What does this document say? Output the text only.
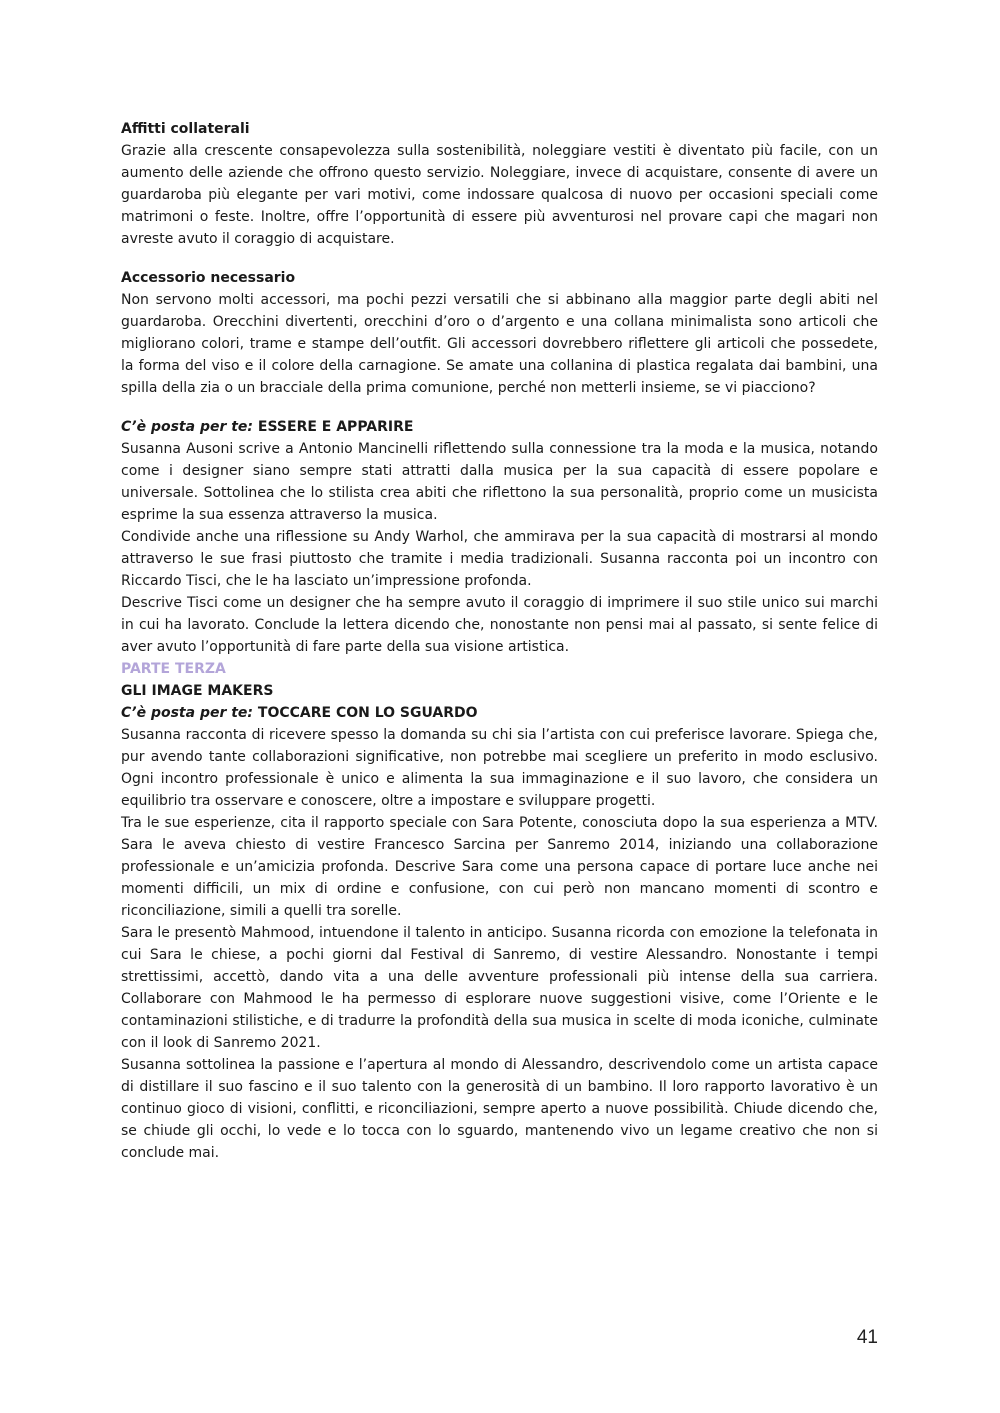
Affitti collaterali

Grazie alla crescente consapevolezza sulla sostenibilità, noleggiare vestiti è diventato più facile, con un aumento delle aziende che offrono questo servizio. Noleggiare, invece di acquistare, consente di avere un guardaroba più elegante per vari motivi, come indossare qualcosa di nuovo per occasioni speciali come matrimoni o feste. Inoltre, offre l’opportunità di essere più avventurosi nel provare capi che magari non avreste avuto il coraggio di acquistare.

Accessorio necessario

Non servono molti accessori, ma pochi pezzi versatili che si abbinano alla maggior parte degli abiti nel guardaroba. Orecchini divertenti, orecchini d’oro o d’argento e una collana minimalista sono articoli che migliorano colori, trame e stampe dell’outfit. Gli accessori dovrebbero riflettere gli articoli che possedete, la forma del viso e il colore della carnagione. Se amate una collanina di plastica regalata dai bambini, una spilla della zia o un bracciale della prima comunione, perché non metterli insieme, se vi piacciono?

C’è posta per te: ESSERE E APPARIRE

Susanna Ausoni scrive a Antonio Mancinelli riflettendo sulla connessione tra la moda e la musica, notando come i designer siano sempre stati attratti dalla musica per la sua capacità di essere popolare e universale. Sottolinea che lo stilista crea abiti che riflettono la sua personalità, proprio come un musicista esprime la sua essenza attraverso la musica.

Condivide anche una riflessione su Andy Warhol, che ammirava per la sua capacità di mostrarsi al mondo attraverso le sue frasi piuttosto che tramite i media tradizionali. Susanna racconta poi un incontro con Riccardo Tisci, che le ha lasciato un’impressione profonda.

Descrive Tisci come un designer che ha sempre avuto il coraggio di imprimere il suo stile unico sui marchi in cui ha lavorato. Conclude la lettera dicendo che, nonostante non pensi mai al passato, si sente felice di aver avuto l’opportunità di fare parte della sua visione artistica.

PARTE TERZA

GLI IMAGE MAKERS
C’è posta per te: TOCCARE CON LO SGUARDO

Susanna racconta di ricevere spesso la domanda su chi sia l’artista con cui preferisce lavorare. Spiega che, pur avendo tante collaborazioni significative, non potrebbe mai scegliere un preferito in modo esclusivo. Ogni incontro professionale è unico e alimenta la sua immaginazione e il suo lavoro, che considera un equilibrio tra osservare e conoscere, oltre a impostare e sviluppare progetti.

Tra le sue esperienze, cita il rapporto speciale con Sara Potente, conosciuta dopo la sua esperienza a MTV. Sara le aveva chiesto di vestire Francesco Sarcina per Sanremo 2014, iniziando una collaborazione professionale e un’amicizia profonda. Descrive Sara come una persona capace di portare luce anche nei momenti difficili, un mix di ordine e confusione, con cui però non mancano momenti di scontro e riconciliazione, simili a quelli tra sorelle.

Sara le presentò Mahmood, intuendone il talento in anticipo. Susanna ricorda con emozione la telefonata in cui Sara le chiese, a pochi giorni dal Festival di Sanremo, di vestire Alessandro. Nonostante i tempi strettissimi, accettò, dando vita a una delle avventure professionali più intense della sua carriera. Collaborare con Mahmood le ha permesso di esplorare nuove suggestioni visive, come l’Oriente e le contaminazioni stilistiche, e di tradurre la profondità della sua musica in scelte di moda iconiche, culminate con il look di Sanremo 2021.

Susanna sottolinea la passione e l’apertura al mondo di Alessandro, descrivendolo come un artista capace di distillare il suo fascino e il suo talento con la generosità di un bambino. Il loro rapporto lavorativo è un continuo gioco di visioni, conflitti, e riconciliazioni, sempre aperto a nuove possibilità. Chiude dicendo che, se chiude gli occhi, lo vede e lo tocca con lo sguardo, mantenendo vivo un legame creativo che non si conclude mai.

41
